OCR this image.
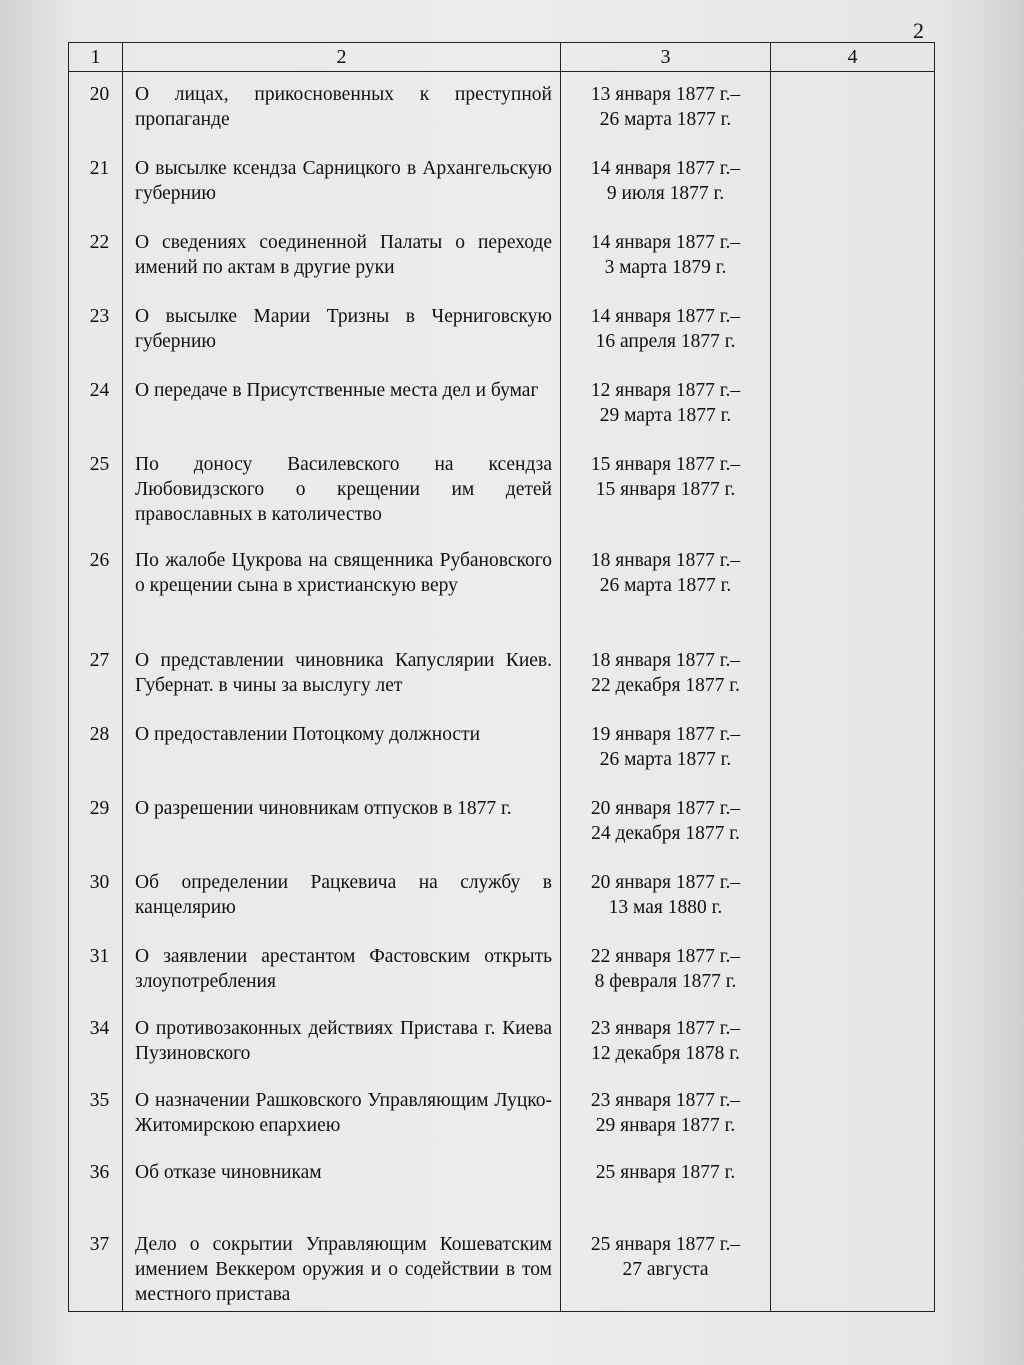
2
1	2	3	4
20	О лицах, прикосновенных к преступной пропаганде	13 января 1877 г.–
26 марта 1877 г.	

21	О высылке ксендза Сарницкого в Архангельскую губернию	14 января 1877 г.–
9 июля 1877 г.	

22	О сведениях соединенной Палаты о переходе имений по актам в другие руки	14 января 1877 г.–
3 марта 1879 г.	

23	О высылке Марии Тризны в Черниговскую губернию	14 января 1877 г.–
16 апреля 1877 г.	

24	О передаче в Присутственные места дел и бумаг	12 января 1877 г.–
29 марта 1877 г.	

25	По доносу Василевского на ксендза Любовидзского о крещении им детей православных в католичество	15 января 1877 г.–
15 января 1877 г.	

26	По жалобе Цукрова на священника Рубановского о крещении сына в христианскую веру	18 января 1877 г.–
26 марта 1877 г.	

27	О представлении чиновника Капуслярии Киев. Губернат. в чины за выслугу лет	18 января 1877 г.–
22 декабря 1877 г.	

28	О предоставлении Потоцкому должности	19 января 1877 г.–
26 марта 1877 г.	

29	О разрешении чиновникам отпусков в 1877 г.	20 января 1877 г.–
24 декабря 1877 г.	

30	Об определении Рацкевича на службу в канцелярию	20 января 1877 г.–
13 мая 1880 г.	

31	О заявлении арестантом Фастовским открыть злоупотребления	22 января 1877 г.–
8 февраля 1877 г.	

34	О противозаконных действиях Пристава г. Киева Пузиновского	23 января 1877 г.–
12 декабря 1878 г.	

35	О назначении Рашковского Управляющим Луцко-Житомирскою епархиею	23 января 1877 г.–
29 января 1877 г.	

36	Об отказе чиновникам	25 января 1877 г.	

37	Дело о сокрытии Управляющим Кошеватским имением Веккером оружия и о содействии в том местного пристава	25 января 1877 г.–
27 августа	
